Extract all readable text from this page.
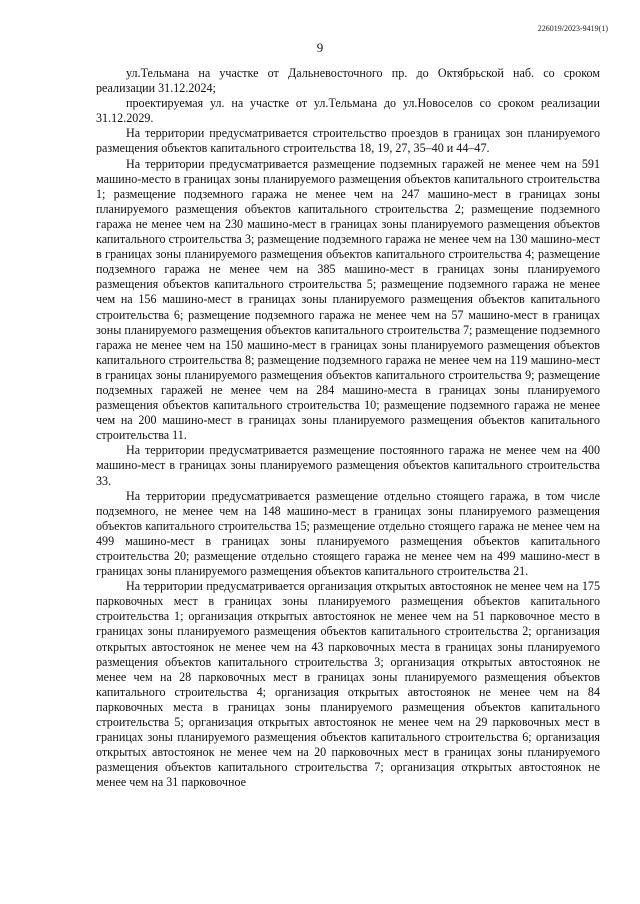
226019/2023-9419(1)
9

ул.Тельмана на участке от Дальневосточного пр. до Октябрьской наб. со сроком реализации 31.12.2024;

проектируемая ул. на участке от ул.Тельмана до ул.Новоселов со сроком реализации 31.12.2029.

На территории предусматривается строительство проездов в границах зон планируемого размещения объектов капитального строительства 18, 19, 27, 35–40 и 44–47.

На территории предусматривается размещение подземных гаражей не менее чем на 591 машино-место в границах зоны планируемого размещения объектов капитального строительства 1; размещение подземного гаража не менее чем на 247 машино-мест в границах зоны планируемого размещения объектов капитального строительства 2; размещение подземного гаража не менее чем на 230 машино-мест в границах зоны планируемого размещения объектов капитального строительства 3; размещение подземного гаража не менее чем на 130 машино-мест в границах зоны планируемого размещения объектов капитального строительства 4; размещение подземного гаража не менее чем на 385 машино-мест в границах зоны планируемого размещения объектов капитального строительства 5; размещение подземного гаража не менее чем на 156 машино-мест в границах зоны планируемого размещения объектов капитального строительства 6; размещение подземного гаража не менее чем на 57 машино-мест в границах зоны планируемого размещения объектов капитального строительства 7; размещение подземного гаража не менее чем на 150 машино-мест в границах зоны планируемого размещения объектов капитального строительства 8; размещение подземного гаража не менее чем на 119 машино-мест в границах зоны планируемого размещения объектов капитального строительства 9; размещение подземных гаражей не менее чем на 284 машино-места в границах зоны планируемого размещения объектов капитального строительства 10; размещение подземного гаража не менее чем на 200 машино-мест в границах зоны планируемого размещения объектов капитального строительства 11.

На территории предусматривается размещение постоянного гаража не менее чем на 400 машино-мест в границах зоны планируемого размещения объектов капитального строительства 33.

На территории предусматривается размещение отдельно стоящего гаража, в том числе подземного, не менее чем на 148 машино-мест в границах зоны планируемого размещения объектов капитального строительства 15; размещение отдельно стоящего гаража не менее чем на 499 машино-мест в границах зоны планируемого размещения объектов капитального строительства 20; размещение отдельно стоящего гаража не менее чем на 499 машино-мест в границах зоны планируемого размещения объектов капитального строительства 21.

На территории предусматривается организация открытых автостоянок не менее чем на 175 парковочных мест в границах зоны планируемого размещения объектов капитального строительства 1; организация открытых автостоянок не менее чем на 51 парковочное место в границах зоны планируемого размещения объектов капитального строительства 2; организация открытых автостоянок не менее чем на 43 парковочных места в границах зоны планируемого размещения объектов капитального строительства 3; организация открытых автостоянок не менее чем на 28 парковочных мест в границах зоны планируемого размещения объектов капитального строительства 4; организация открытых автостоянок не менее чем на 84 парковочных места в границах зоны планируемого размещения объектов капитального строительства 5; организация открытых автостоянок не менее чем на 29 парковочных мест в границах зоны планируемого размещения объектов капитального строительства 6; организация открытых автостоянок не менее чем на 20 парковочных мест в границах зоны планируемого размещения объектов капитального строительства 7; организация открытых автостоянок не менее чем на 31 парковочное
